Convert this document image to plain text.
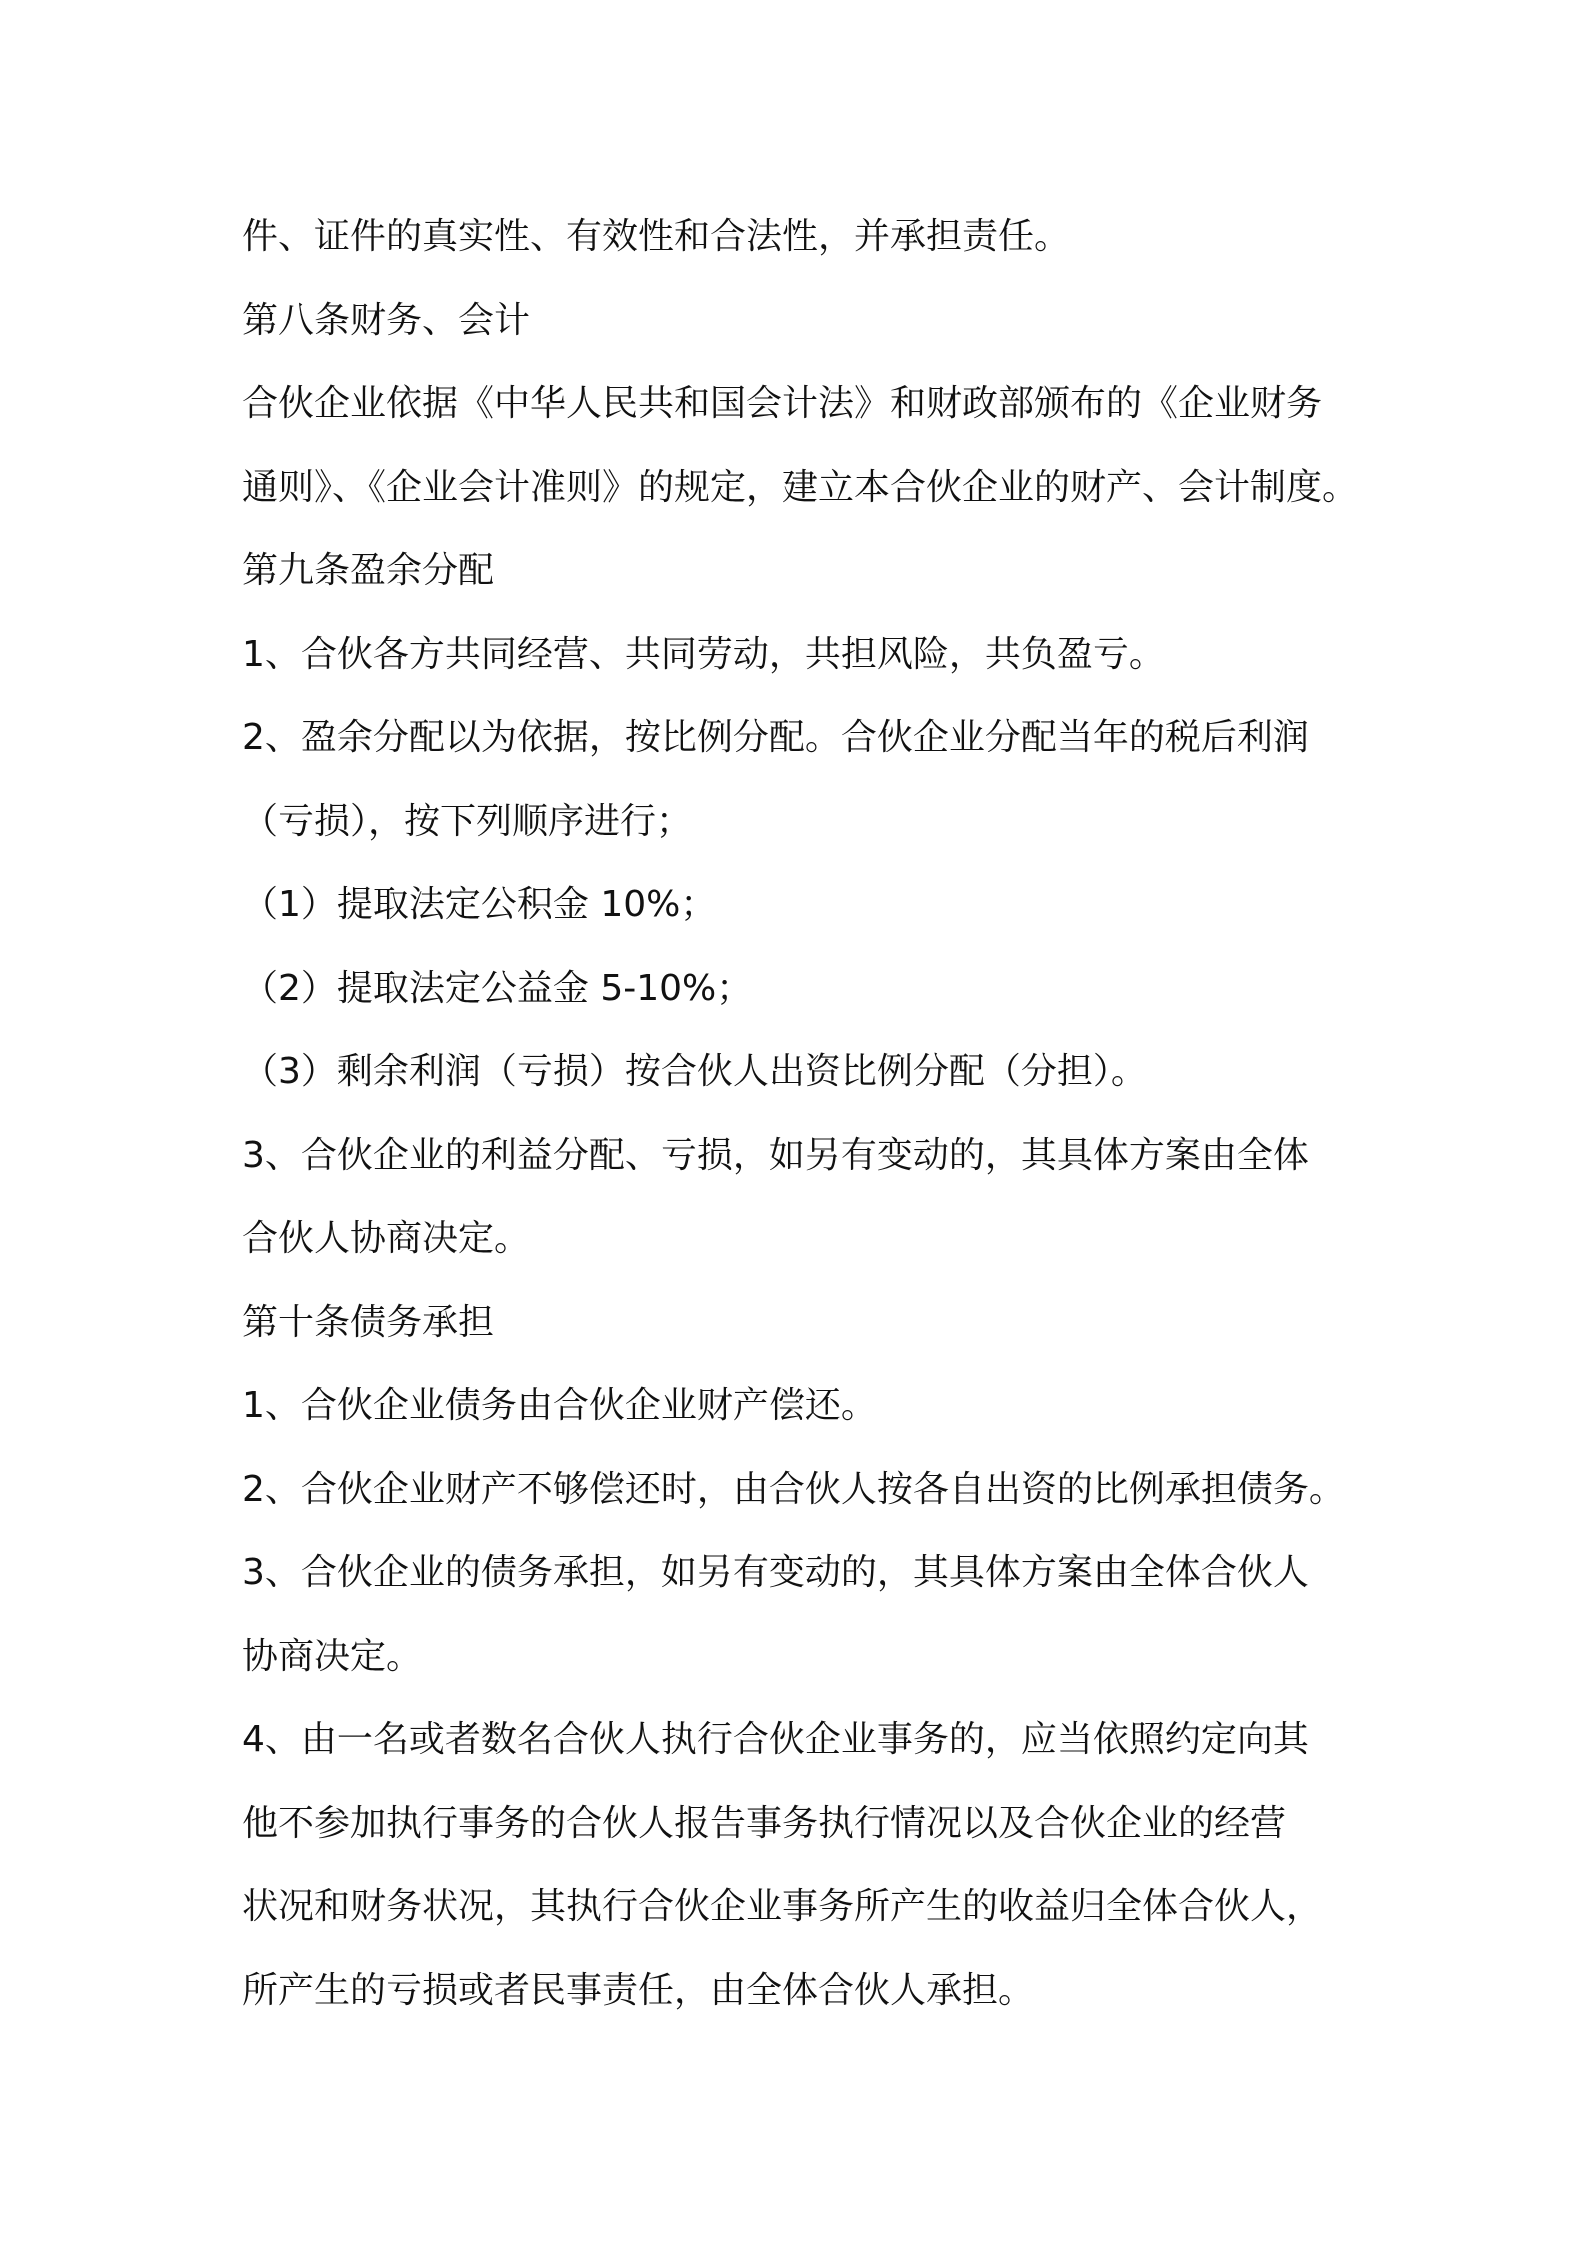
件、证件的真实性、有效性和合法性，并承担责任。
第八条财务、会计
合伙企业依据《中华人民共和国会计法》和财政部颁布的《企业财务
通则》、《企业会计准则》的规定，建立本合伙企业的财产、会计制度。
第九条盈余分配
1、合伙各方共同经营、共同劳动，共担风险，共负盈亏。
2、盈余分配以为依据，按比例分配。合伙企业分配当年的税后利润
（亏损），按下列顺序进行；
（1）提取法定公积金 10%；
（2）提取法定公益金 5-10%；
（3）剩余利润（亏损）按合伙人出资比例分配（分担）。
3、合伙企业的利益分配、亏损，如另有变动的，其具体方案由全体
合伙人协商决定。
第十条债务承担
1、合伙企业债务由合伙企业财产偿还。
2、合伙企业财产不够偿还时，由合伙人按各自出资的比例承担债务。
3、合伙企业的债务承担，如另有变动的，其具体方案由全体合伙人
协商决定。
4、由一名或者数名合伙人执行合伙企业事务的，应当依照约定向其
他不参加执行事务的合伙人报告事务执行情况以及合伙企业的经营
状况和财务状况，其执行合伙企业事务所产生的收益归全体合伙人，
所产生的亏损或者民事责任，由全体合伙人承担。
